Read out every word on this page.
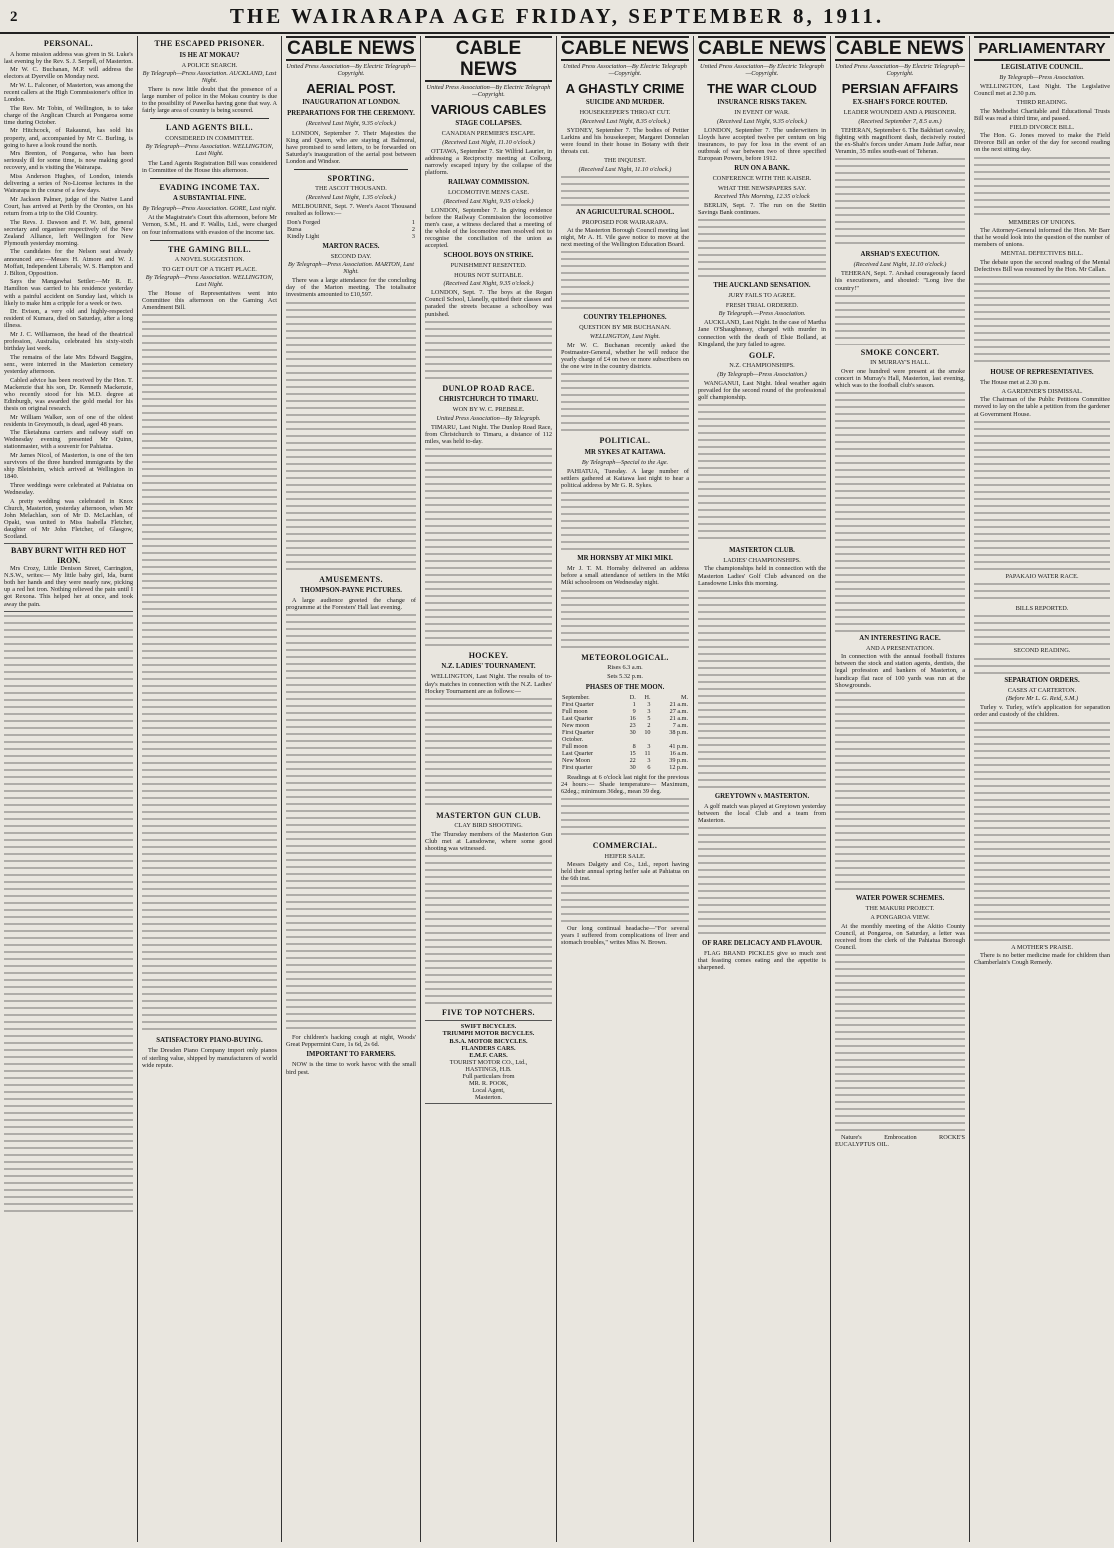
2	THE WAIRARAPA AGE FRIDAY, SEPTEMBER 8, 1911.
PERSONAL.

A home mission address was given in St. Luke's last evening by the Rev. S. J. Serpell, of Masterton.

Mr W. C. Buchanan, M.P. will address the electors at Dyerville on Monday next.

Mr W. L. Falconer, of Masterton, was among the recent callers at the High Commissioner's office in London.

The Rev. Mr Tobin, of Wellington, is to take charge of the Anglican Church at Pongaroa some time during October.

Mr Hitchcock, of Rakaunui, has sold his property, and, accompanied by Mr C. Burling, is going to have a look round the north.

Mrs Brenton, of Pongaroa, who has been seriously ill for some time, is now making good recovery, and is visiting the Wairarapa.

Miss Anderson Hughes, of London, intends delivering a series of No-License lectures in the Wairarapa in the course of a few days.

Mr Jackson Palmer, judge of the Native Land Court, has arrived at Perth by the Orontes, on his return from a trip to the Old Country.

The Revs. J. Dawson and F. W. Isitt, general secretary and organiser respectively of the New Zealand Alliance, left Wellington for New Plymouth yesterday morning.

The candidates for the Nelson seat already announced are:—Messrs H. Atmore and W. J. Moffatt, Independent Liberals; W. S. Hampton and J. Bilton, Opposition.

Says the Mangawhai Settler:—Mr R. E. Hamilton was carried to his residence yesterday with a painful accident on Sunday last, which is likely to make him a cripple for a week or two.

Dr. Evison, a very old and highly-respected resident of Kumara, died on Saturday, after a long illness.

Mr J. C. Williamson, the head of the theatrical profession, Australia, celebrated his sixty-sixth birthday last week.

The remains of the late Mrs Edward Baggins, senr., were interred in the Masterton cemetery yesterday afternoon.

Cabled advice has been received by the Hon. T. Mackenzie that his son, Dr. Kenneth Mackenzie, who recently stood for his M.D. degree at Edinburgh, was awarded the gold medal for his thesis on original research.

Mr William Walker, son of one of the oldest residents in Greymouth, is dead, aged 48 years.

The Eketahuna carriers and railway staff on Wednesday evening presented Mr Quinn, stationmaster, with a souvenir for Pahiatua.

Mr James Nicol, of Masterton, is one of the ten survivors of the three hundred immigrants by the ship Bleinheim, which arrived at Wellington in 1840.

Three weddings were celebrated at Pahiatua on Wednesday.

A pretty wedding was celebrated in Knox Church, Masterton, yesterday afternoon, when Mr John Melachlan, son of Mr D. McLachlan, of Opaki, was united to Miss Isabella Fletcher, daughter of Mr John Fletcher, of Glasgow, Scotland.

BABY BURNT WITH RED HOT IRON.

Mrs Crozy, Little Denison Street, Carrington, N.S.W., writes:— My little baby girl, Ida, burnt both her hands and they were nearly raw, picking up a red hot iron. Nothing relieved the pain until I got Rexona. This helped her at once, and took away the pain.

THE ESCAPED PRISONER.
IS HE AT MOKAU?
A POLICE SEARCH.

By Telegraph—Press Association. AUCKLAND, Last Night.

There is now little doubt that the presence of a large number of police in the Mokau country is due to the possibility of Pawelka having gone that way. A fairly large area of country is being scoured.

LAND AGENTS BILL.
CONSIDERED IN COMMITTEE.

By Telegraph—Press Association. WELLINGTON, Last Night.

The Land Agents Registration Bill was considered in Committee of the House this afternoon.

EVADING INCOME TAX.
A SUBSTANTIAL FINE.

By Telegraph—Press Association. GORE, Last night.

At the Magistrate's Court this afternoon, before Mr Vernon, S.M., H. and F. Wallis, Ltd., were charged on four informations with evasion of the income tax.

THE GAMING BILL.
A NOVEL SUGGESTION.
TO GET OUT OF A TIGHT PLACE.

By Telegraph—Press Association. WELLINGTON, Last Night.

The House of Representatives went into Committee this afternoon on the Gaming Act Amendment Bill.

SATISFACTORY PIANO-BUYING.

The Dresden Piano Company import only pianos of sterling value, shipped by manufacturers of world wide repute.

CABLE NEWS
United Press Association—By Electric Telegraph—Copyright.
AERIAL POST.
INAUGURATION AT LONDON.
PREPARATIONS FOR THE CEREMONY.

(Received Last Night, 9.35 o'clock.)

LONDON, September 7. Their Majesties the King and Queen, who are staying at Balmoral, have promised to send letters, to be forwarded on Saturday's inauguration of the aerial post between London and Windsor.

SPORTING.
THE ASCOT THOUSAND.

(Received Last Night, 1.35 o'clock.)

MELBOURNE, Sept. 7. Were's Ascot Thousand resulted as follows:—

Don's Forged	1
Bursa	2
Kindly Light	3
MARTON RACES.
SECOND DAY.

By Telegraph—Press Association. MARTON, Last Night.

There was a large attendance for the concluding day of the Marton meeting. The totalisator investments amounted to £10,597.

AMUSEMENTS.
THOMPSON-PAYNE PICTURES.

A large audience greeted the change of programme at the Foresters' Hall last evening.

For children's hacking cough at night, Woods' Great Peppermint Cure, 1s 6d, 2s 6d.

IMPORTANT TO FARMERS.

NOW is the time to work havoc with the small bird pest.

CABLE NEWS
United Press Association—By Electric Telegraph—Copyright.
VARIOUS CABLES
STAGE COLLAPSES.
CANADIAN PREMIER'S ESCAPE.

(Received Last Night, 11.10 o'clock.)

OTTAWA, September 7. Sir Wilfrid Laurier, in addressing a Reciprocity meeting at Colborg, narrowly escaped injury by the collapse of the platform.

RAILWAY COMMISSION.
LOCOMOTIVE MEN'S CASE.

(Received Last Night, 9.35 o'clock.)

LONDON, September 7. In giving evidence before the Railway Commission the locomotive men's case, a witness declared that a meeting of the whole of the locomotive men resolved not to recognise the conciliation of the union as accepted.

SCHOOL BOYS ON STRIKE.
PUNISHMENT RESENTED.
HOURS NOT SUITABLE.

(Received Last Night, 9.35 o'clock.)

LONDON, Sept. 7. The boys at the Regan Council School, Llanelly, quitted their classes and paraded the streets because a schoolboy was punished.

DUNLOP ROAD RACE.
CHRISTCHURCH TO TIMARU.
WON BY W. C. PREBBLE.

United Press Association—By Telegraph.

TIMARU, Last Night. The Dunlop Road Race, from Christchurch to Timaru, a distance of 112 miles, was held to-day.

HOCKEY.
N.Z. LADIES' TOURNAMENT.

WELLINGTON, Last Night. The results of to-day's matches in connection with the N.Z. Ladies' Hockey Tournament are as follows:—

MASTERTON GUN CLUB.
CLAY BIRD SHOOTING.

The Thursday members of the Masterton Gun Club met at Lansdowne, where some good shooting was witnessed.

FIVE TOP NOTCHERS.
SWIFT BICYCLES.
TRIUMPH MOTOR BICYCLES.
B.S.A. MOTOR BICYCLES.
FLANDERS CARS.
E.M.F. CARS.
TOURIST MOTOR CO., Ltd.,
HASTINGS, H.B.
Full particulars from
MR. R. POOK,
Local Agent,
Masterton.
CABLE NEWS
United Press Association—By Electric Telegraph—Copyright.
A GHASTLY CRIME
SUICIDE AND MURDER.
HOUSEKEEPER'S THROAT CUT.

(Received Last Night, 8.35 o'clock.)

SYDNEY, September 7. The bodies of Pettier Larkins and his housekeeper, Margaret Donnelan were found in their house in Botany with their throats cut.

THE INQUEST.

(Received Last Night, 11.10 o'clock.)

AN AGRICULTURAL SCHOOL.
PROPOSED FOR WAIRARAPA.

At the Masterton Borough Council meeting last night, Mr A. H. Vile gave notice to move at the next meeting of the Wellington Education Board.

COUNTRY TELEPHONES.
QUESTION BY MR BUCHANAN.

WELLINGTON, Last Night.

Mr W. C. Buchanan recently asked the Postmaster-General, whether he will reduce the yearly charge of £4 on two or more subscribers on the one wire in the country districts.

POLITICAL.
MR SYKES AT KAITAWA.

By Telegraph—Special to the Age.

PAHIATUA, Tuesday. A large number of settlers gathered at Kaitawa last night to hear a political address by Mr G. R. Sykes.

MR HORNSBY AT MIKI MIKI.

Mr J. T. M. Hornsby delivered an address before a small attendance of settlers in the Miki Miki schoolroom on Wednesday night.

METEOROLOGICAL.
Rises 6.3 a.m.
Sets 5.32 p.m.
PHASES OF THE MOON.
September.	D.	H.	M.
First Quarter	1	3	21 a.m.
Full moon	9	3	27 a.m.
Last Quarter	16	5	21 a.m.
New moon	23	2	7 a.m.
First Quarter	30	10	38 p.m.
October.			
Full moon	8	3	41 p.m.
Last Quarter	15	11	16 a.m.
New Moon	22	3	39 p.m.
First quarter	30	6	12 p.m.

Readings at 6 o'clock last night for the previous 24 hours:— Shade temperature— Maximum, 62deg.; minimum 36deg., mean 39 deg.

COMMERCIAL.
HEIFER SALE.

Messrs Dalgety and Co., Ltd., report having held their annual spring heifer sale at Pahiatua on the 6th inst.

Our long continual headache—"For several years I suffered from complications of liver and stomach troubles," writes Miss N. Brown.

CABLE NEWS
United Press Association—By Electric Telegraph—Copyright.
THE WAR CLOUD
INSURANCE RISKS TAKEN.
IN EVENT OF WAR.

(Received Last Night, 9.35 o'clock.)

LONDON, September 7. The underwriters in Lloyds have accepted twelve per centum on big insurances, to pay for loss in the event of an outbreak of war between two of three specified European Powers, before 1912.

RUN ON A BANK.
CONFERENCE WITH THE KAISER.
WHAT THE NEWSPAPERS SAY.

Received This Morning, 12.35 o'clock

BERLIN, Sept. 7. The run on the Stettin Savings Bank continues.

THE AUCKLAND SENSATION.
JURY FAILS TO AGREE.
FRESH TRIAL ORDERED.

By Telegraph.—Press Association.

AUCKLAND, Last Night. In the case of Martha Jane O'Shaughnessy, charged with murder in connection with the death of Elsie Bolland, at Kingsland, the jury failed to agree.

GOLF.
N.Z. CHAMPIONSHIPS.

(By Telegraph—Press Association.)

WANGANUI, Last Night. Ideal weather again prevailed for the second round of the professional golf championship.

MASTERTON CLUB.
LADIES' CHAMPIONSHIPS.

The championships held in connection with the Masterton Ladies' Golf Club advanced on the Lansdowne Links this morning.

GREYTOWN v. MASTERTON.

A golf match was played at Greytown yesterday between the local Club and a team from Masterton.

OF RARE DELICACY AND FLAVOUR.

FLAG BRAND PICKLES give so much zest that feasting comes eating and the appetite is sharpened.

CABLE NEWS
United Press Association—By Electric Telegraph—Copyright.
PERSIAN AFFAIRS
EX-SHAH'S FORCE ROUTED.
LEADER WOUNDED AND A PRISONER.

(Received September 7, 8.5 a.m.)

TEHERAN, September 6. The Bakhtiari cavalry, fighting with magnificent dash, decisively routed the ex-Shah's forces under Amam Jude Jaffar, near Veramin, 35 miles south-east of Teheran.

ARSHAD'S EXECUTION.

(Received Last Night, 11.10 o'clock.)

TEHERAN, Sept. 7. Arshad courageously faced his executioners, and shouted: "Long live the country!"

SMOKE CONCERT.
IN MURRAY'S HALL.

Over one hundred were present at the smoke concert in Murray's Hall, Masterton, last evening, which was to the football club's season.

AN INTERESTING RACE.
AND A PRESENTATION.

In connection with the annual football fixtures between the stock and station agents, dentists, the legal profession and bankers of Masterton, a handicap flat race of 100 yards was run at the Showgrounds.

WATER POWER SCHEMES.
THE MAKURI PROJECT.
A PONGAROA VIEW.

At the monthly meeting of the Akitio County Council, at Pongaroa, on Saturday, a letter was received from the clerk of the Pahiatua Borough Council.

Nature's Embrocation ROCKE'S EUCALYPTUS OIL.

PARLIAMENTARY
LEGISLATIVE COUNCIL.

By Telegraph—Press Association.

WELLINGTON, Last Night. The Legislative Council met at 2.30 p.m.

THIRD READING.

The Methodist Charitable and Educational Trusts Bill was read a third time, and passed.

FIELD DIVORCE BILL.

The Hon. G. Jones moved to make the Field Divorce Bill an order of the day for second reading on the next sitting day.

MEMBERS OF UNIONS.

The Attorney-General informed the Hon. Mr Barr that he would look into the question of the number of members of unions.

MENTAL DEFECTIVES BILL.

The debate upon the second reading of the Mental Defectives Bill was resumed by the Hon. Mr Callan.

HOUSE OF REPRESENTATIVES.

The House met at 2.30 p.m.

A GARDENER'S DISMISSAL.

The Chairman of the Public Petitions Committee moved to lay on the table a petition from the gardener at Government House.

PAPAKAIO WATER RACE.
BILLS REPORTED.
SECOND READING.
SEPARATION ORDERS.
CASES AT CARTERTON.

(Before Mr L. G. Reid, S.M.)

Turley v. Turley, wife's application for separation order and custody of the children.

A MOTHER'S PRAISE.

There is no better medicine made for children than Chamberlain's Cough Remedy.
